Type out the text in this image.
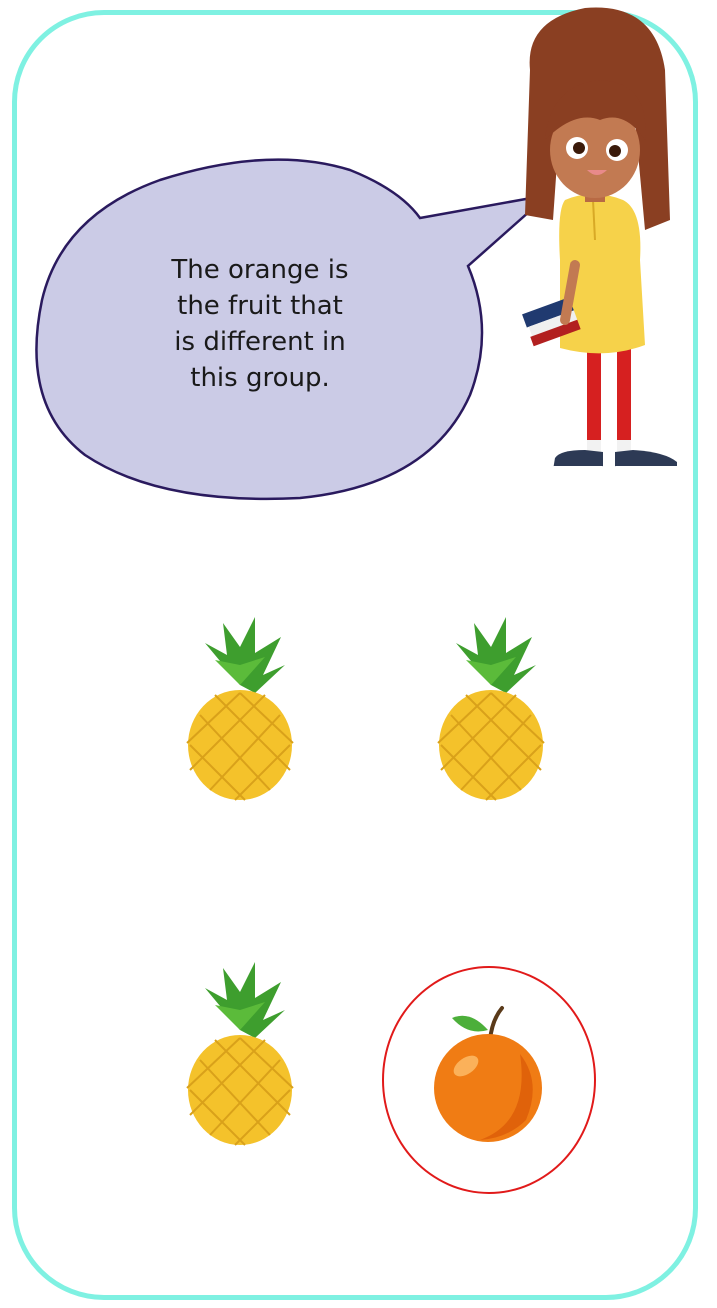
The orange is
the fruit that
is different in
this group.
